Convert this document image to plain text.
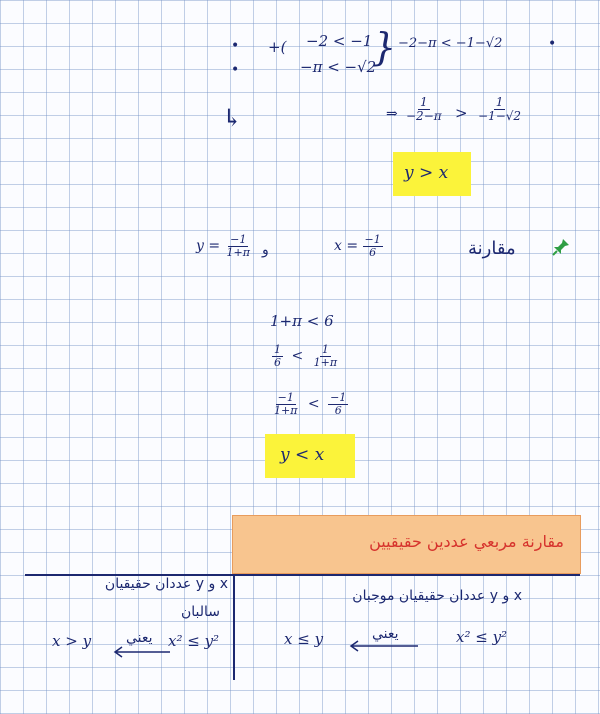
•
•
+( −2 < −1
−π < −√2
} −2−π < −1−√2	•
↳	⇒ $\frac{1}{-2-\pi} > \frac{1}{-1-√2}$
y > x
مقارنة
$y = \frac{-1}{1+\pi}$ و	$x = \frac{-1}{6}$
1+π < 6
$\frac{1}{6} < \frac{1}{1+\pi}$
$\frac{-1}{1+\pi} < \frac{-1}{6}$
y < x
مقارنة مربعي عددين حقيقيين
x و y عددان حقيقيان موجبان
x² ≤ y²
يعني
x ≤ y
x و y عددان حقيقيان
سالبان
x² ≤ y²
يعني
x > y
